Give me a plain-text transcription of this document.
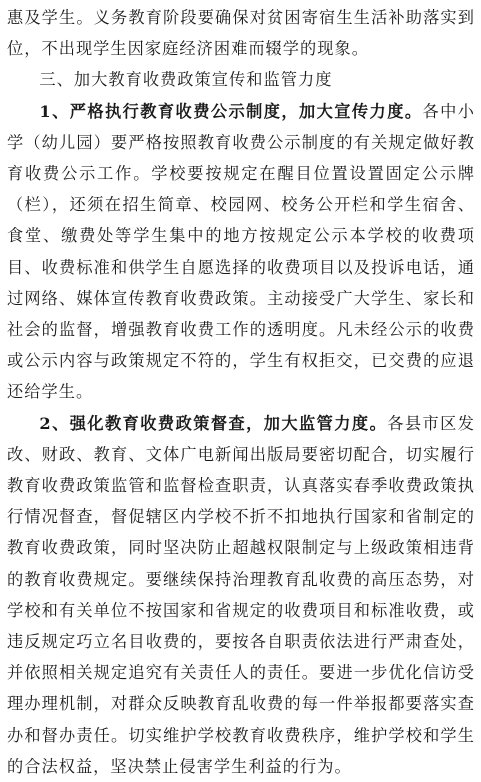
惠及学生。义务教育阶段要确保对贫困寄宿生生活补助落实到位，不出现学生因家庭经济困难而辍学的现象。

三、加大教育收费政策宣传和监管力度

1、严格执行教育收费公示制度，加大宣传力度。各中小学（幼儿园）要严格按照教育收费公示制度的有关规定做好教育收费公示工作。学校要按规定在醒目位置设置固定公示牌（栏），还须在招生简章、校园网、校务公开栏和学生宿舍、食堂、缴费处等学生集中的地方按规定公示本学校的收费项目、收费标准和供学生自愿选择的收费项目以及投诉电话，通过网络、媒体宣传教育收费政策。主动接受广大学生、家长和社会的监督，增强教育收费工作的透明度。凡未经公示的收费或公示内容与政策规定不符的，学生有权拒交，已交费的应退还给学生。

2、强化教育收费政策督查，加大监管力度。各县市区发改、财政、教育、文体广电新闻出版局要密切配合，切实履行教育收费政策监管和监督检查职责，认真落实春季收费政策执行情况督查，督促辖区内学校不折不扣地执行国家和省制定的教育收费政策，同时坚决防止超越权限制定与上级政策相违背的教育收费规定。要继续保持治理教育乱收费的高压态势，对学校和有关单位不按国家和省规定的收费项目和标准收费，或违反规定巧立名目收费的，要按各自职责依法进行严肃查处，并依照相关规定追究有关责任人的责任。要进一步优化信访受理办理机制，对群众反映教育乱收费的每一件举报都要落实查办和督办责任。切实维护学校教育收费秩序，维护学校和学生的合法权益，坚决禁止侵害学生利益的行为。
